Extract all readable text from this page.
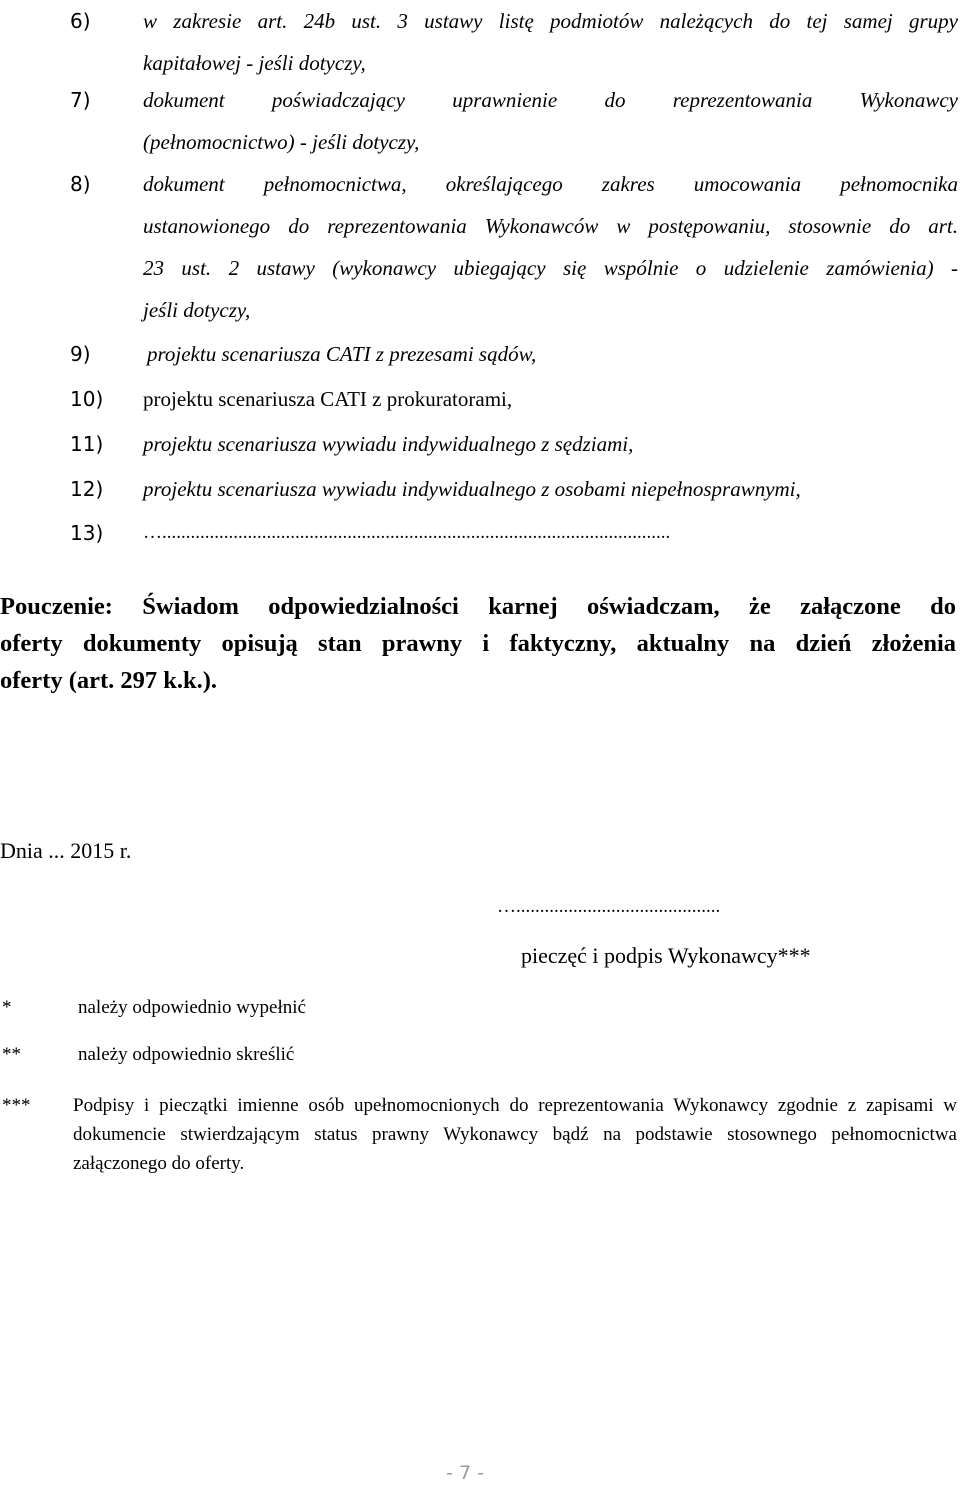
6) w zakresie art. 24b ust. 3 ustawy listę podmiotów należących do tej samej grupy
kapitałowej - jeśli dotyczy,
7) dokument poświadczający uprawnienie do reprezentowania Wykonawcy
(pełnomocnictwo) - jeśli dotyczy,
8) dokument pełnomocnictwa, określającego zakres umocowania pełnomocnika
ustanowionego do reprezentowania Wykonawców w postępowaniu, stosownie do art.
23 ust. 2 ustawy (wykonawcy ubiegający się wspólnie o udzielenie zamówienia) -
jeśli dotyczy,
9)	projektu scenariusza CATI z prezesami sądów,
10) projektu scenariusza CATI z prokuratorami,
11) projektu scenariusza wywiadu indywidualnego z sędziami,
12) projektu scenariusza wywiadu indywidualnego z osobami niepełnosprawnymi,
13) …...........................................................................................................
Pouczenie: Świadom odpowiedzialności karnej oświadczam, że załączone do
oferty dokumenty opisują stan prawny i faktyczny, aktualny na dzień złożenia
oferty (art. 297 k.k.).
Dnia ... 2015 r.
…...........................................
pieczęć i podpis Wykonawcy***
*	należy odpowiednio wypełnić
**	należy odpowiednio skreślić
*** Podpisy i pieczątki imienne osób upełnomocnionych do reprezentowania Wykonawcy zgodnie z zapisami w dokumencie stwierdzającym status prawny Wykonawcy bądź na podstawie stosownego pełnomocnictwa załączonego do oferty.
- 7 -
